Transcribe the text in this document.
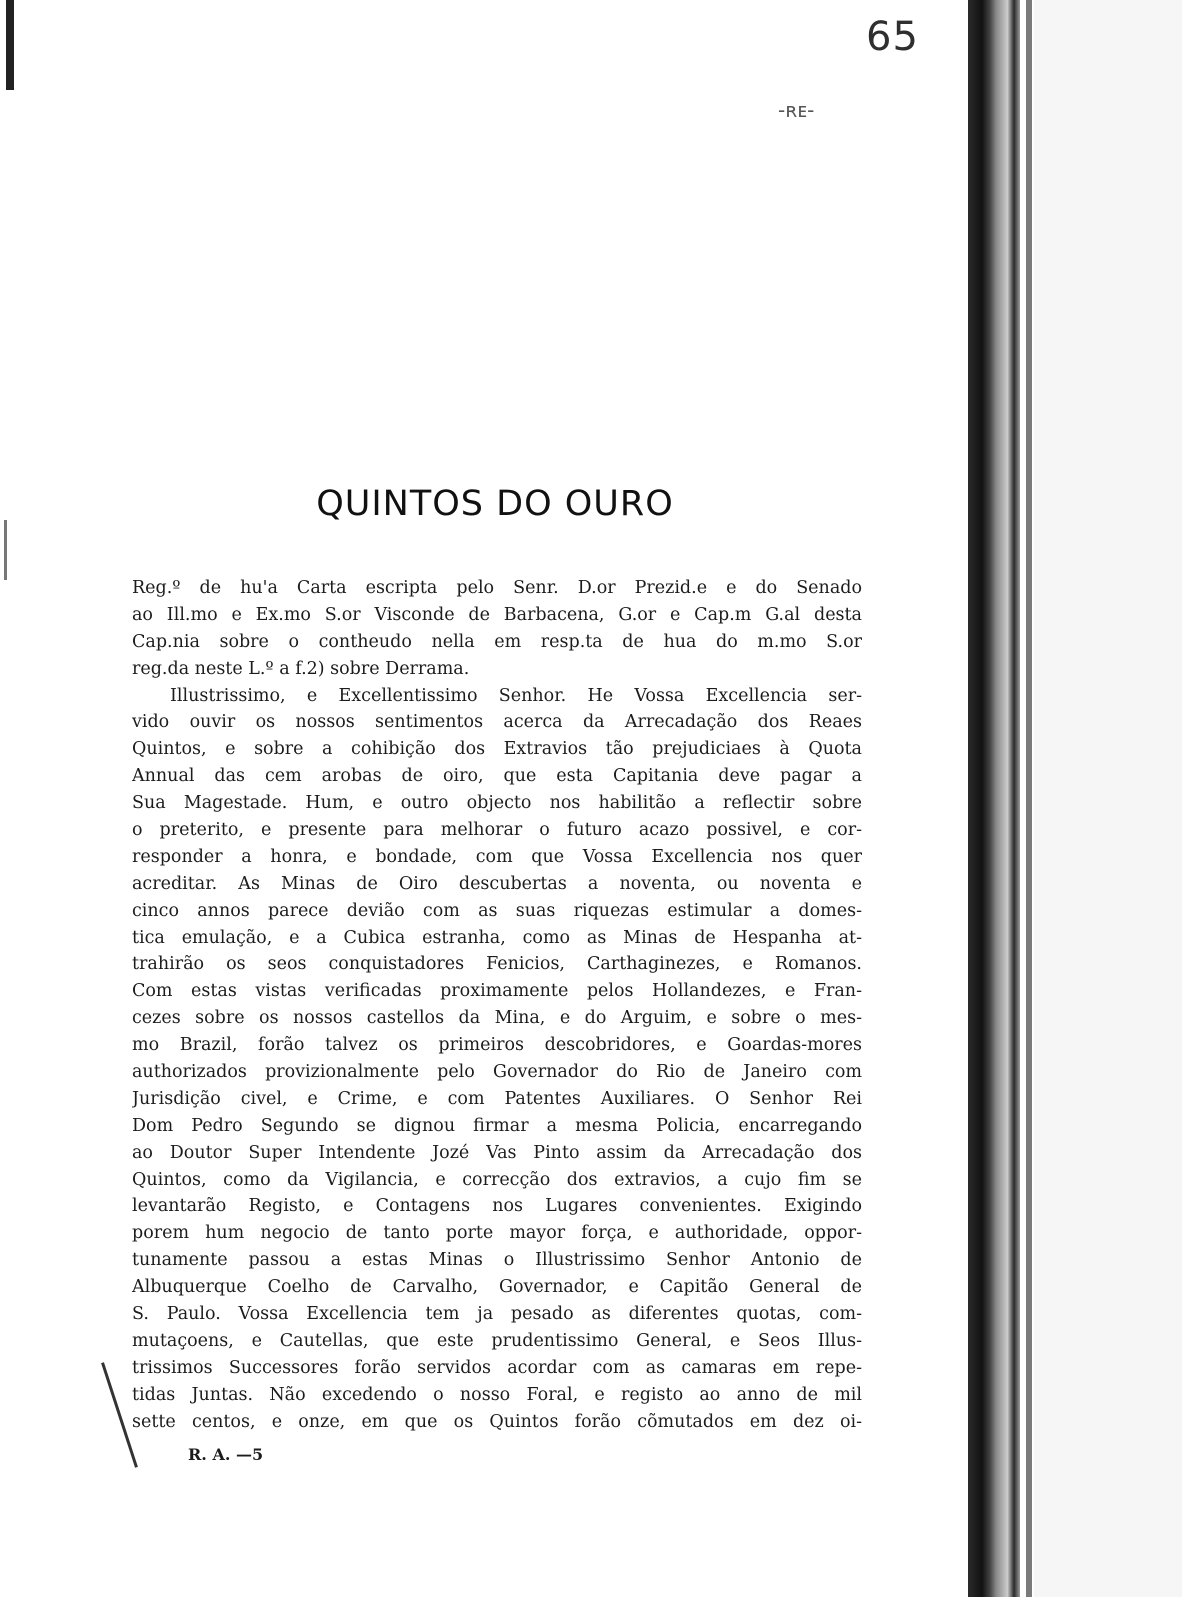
65
-ʀᴇ-
QUINTOS DO OURO
Reg.º de hu'a Carta escripta pelo Senr. D.or Prezid.e e do Senado
ao Ill.mo e Ex.mo S.or Visconde de Barbacena, G.or e Cap.m G.al desta
Cap.nia sobre o contheudo nella em resp.ta de hua do m.mo S.or
reg.da neste L.º a f.2) sobre Derrama.
Illustrissimo, e Excellentissimo Senhor. He Vossa Excellencia ser-
vido ouvir os nossos sentimentos acerca da Arrecadação dos Reaes
Quintos, e sobre a cohibição dos Extravios tão prejudiciaes à Quota
Annual das cem arobas de oiro, que esta Capitania deve pagar a
Sua Magestade. Hum, e outro objecto nos habilitão a reflectir sobre
o preterito, e presente para melhorar o futuro acazo possivel, e cor-
responder a honra, e bondade, com que Vossa Excellencia nos quer
acreditar. As Minas de Oiro descubertas a noventa, ou noventa e
cinco annos parece devião com as suas riquezas estimular a domes-
tica emulação, e a Cubica estranha, como as Minas de Hespanha at-
trahirão os seos conquistadores Fenicios, Carthaginezes, e Romanos.
Com estas vistas verificadas proximamente pelos Hollandezes, e Fran-
cezes sobre os nossos castellos da Mina, e do Arguim, e sobre o mes-
mo Brazil, forão talvez os primeiros descobridores, e Goardas-mores
authorizados provizionalmente pelo Governador do Rio de Janeiro com
Jurisdição civel, e Crime, e com Patentes Auxiliares. O Senhor Rei
Dom Pedro Segundo se dignou firmar a mesma Policia, encarregando
ao Doutor Super Intendente Jozé Vas Pinto assim da Arrecadação dos
Quintos, como da Vigilancia, e correcção dos extravios, a cujo fim se
levantarão Registo, e Contagens nos Lugares convenientes. Exigindo
porem hum negocio de tanto porte mayor força, e authoridade, oppor-
tunamente passou a estas Minas o Illustrissimo Senhor Antonio de
Albuquerque Coelho de Carvalho, Governador, e Capitão General de
S. Paulo. Vossa Excellencia tem ja pesado as diferentes quotas, com-
mutaçoens, e Cautellas, que este prudentissimo General, e Seos Illus-
trissimos Successores forão servidos acordar com as camaras em repe-
tidas Juntas. Não excedendo o nosso Foral, e registo ao anno de mil
sette centos, e onze, em que os Quintos forão cõmutados em dez oi-
R. A. —5
